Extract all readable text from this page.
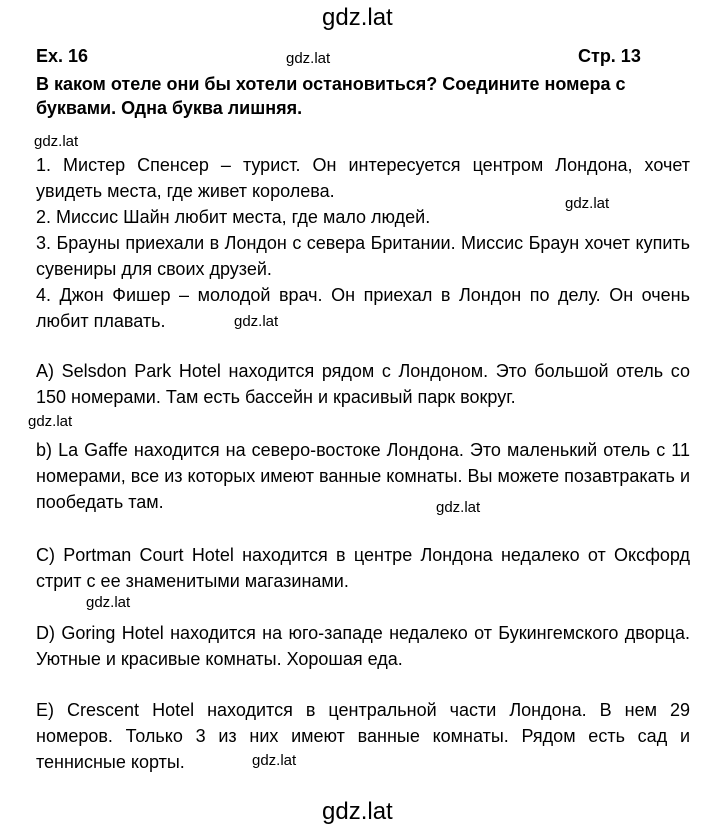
gdz.lat
gdz.lat
gdz.lat
gdz.lat
gdz.lat
gdz.lat
gdz.lat
gdz.lat
gdz.lat
gdz.lat
Ex. 16	Стр. 13
В каком отеле они бы хотели остановиться? Соедините номера с буквами. Одна буква лишняя.
1. Мистер Спенсер – турист. Он интересуется центром Лондона, хочет увидеть места, где живет королева.
2. Миссис Шайн любит места, где мало людей.
3. Брауны приехали в Лондон с севера Британии. Миссис Браун хочет купить сувениры для своих друзей.
4. Джон Фишер – молодой врач. Он приехал в Лондон по делу. Он очень любит плавать.
A) Selsdon Park Hotel находится рядом с Лондоном. Это большой отель со 150 номерами. Там есть бассейн и красивый парк вокруг.
b) La Gaffe находится на северо-востоке Лондона. Это маленький отель с 11 номерами, все из которых имеют ванные комнаты. Вы можете позавтракать и пообедать там.
C) Portman Court Hotel находится в центре Лондона недалеко от Оксфорд стрит с ее знаменитыми магазинами.
D) Goring Hotel находится на юго-западе недалеко от Букингемского дворца. Уютные и красивые комнаты. Хорошая еда.
E) Crescent Hotel находится в центральной части Лондона. В нем 29 номеров. Только 3 из них имеют ванные комнаты. Рядом есть сад и теннисные корты.
